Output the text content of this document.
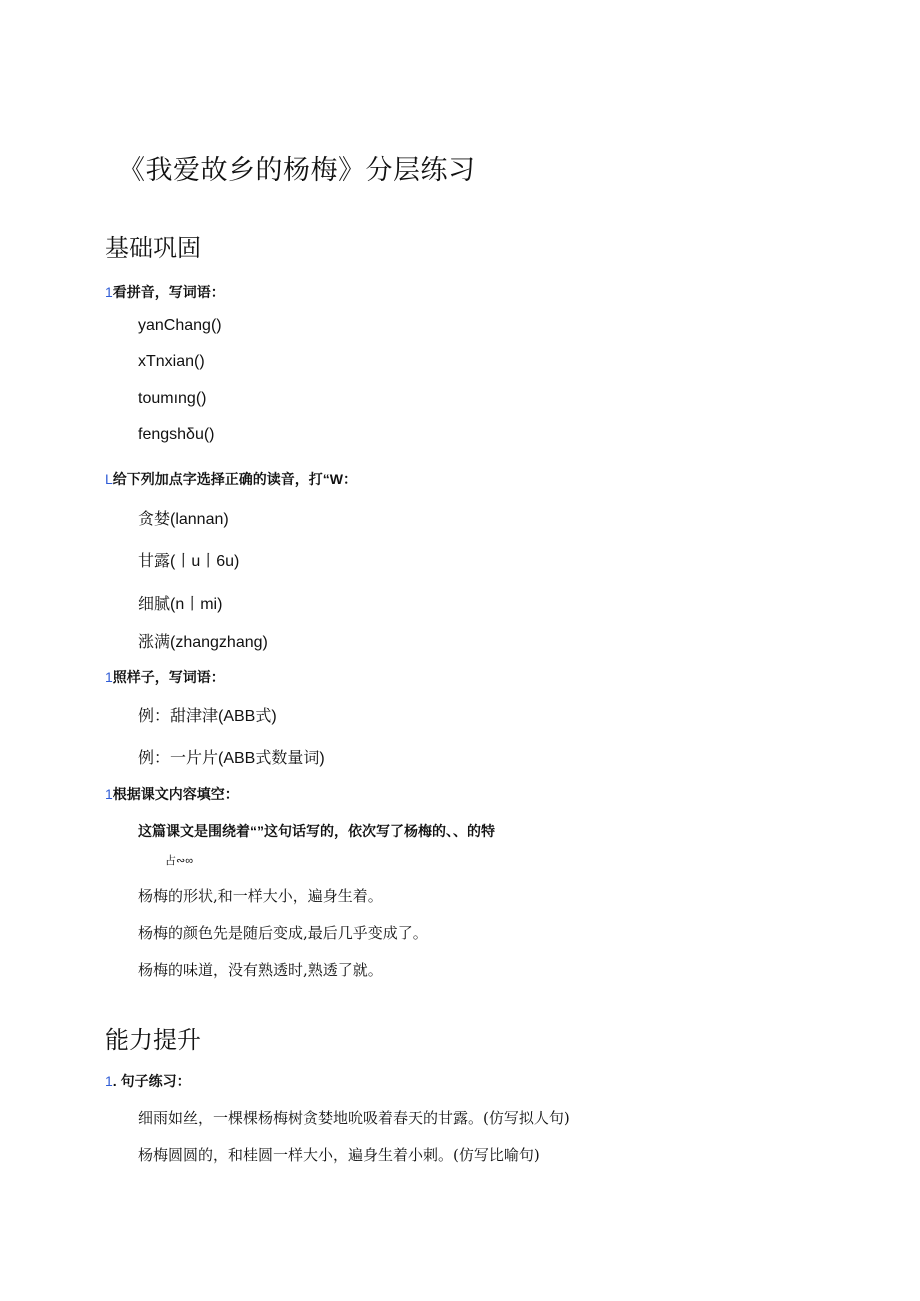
《我爱故乡的杨梅》分层练习
基础巩固
1看拼音，写词语：
yanChang()
xTnxian()
toumıng()
fengshδu()
L给下列加点字选择正确的读音，打“W：
贪婪(lannan)
甘露(丨u丨6u)
细腻(n丨mi)
涨满(zhangzhang)
1照样子，写词语：
例：甜津津(ABB式)
例：一片片(ABB式数量词)
1根据课文内容填空：
这篇课文是围绕着“”这句话写的，依次写了杨梅的、、的特
占∾∞
杨梅的形状,和一样大小，遍身生着。
杨梅的颜色先是随后变成,最后几乎变成了。
杨梅的味道，没有熟透时,熟透了就。
能力提升
1. 句子练习：
细雨如丝，一棵棵杨梅树贪婪地吮吸着春天的甘露。(仿写拟人句)
杨梅圆圆的，和桂圆一样大小，遍身生着小刺。(仿写比喻句)
